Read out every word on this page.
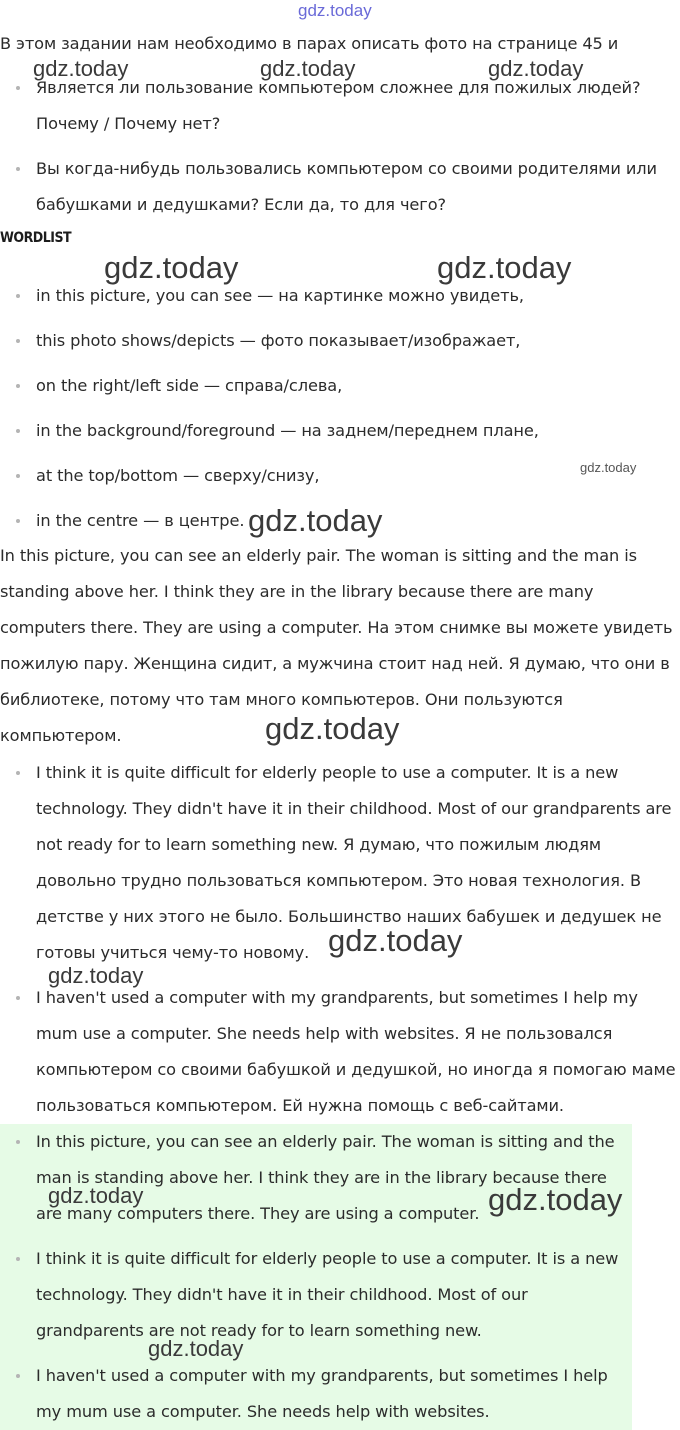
В этом задании нам необходимо в парах описать фото на странице 45 и
Является ли пользование компьютером сложнее для пожилых людей? Почему / Почему нет?
Вы когда-нибудь пользовались компьютером со своими родителями или бабушками и дедушками? Если да, то для чего?
WORDLIST
in this picture, you can see — на картинке можно увидеть,
this photo shows/depicts — фото показывает/изображает,
on the right/left side — справа/слева,
in the background/foreground — на заднем/переднем плане,
at the top/bottom — сверху/снизу,
in the centre — в центре.
In this picture, you can see an elderly pair. The woman is sitting and the man is standing above her. I think they are in the library because there are many computers there. They are using a computer. На этом снимке вы можете увидеть пожилую пару. Женщина сидит, а мужчина стоит над ней. Я думаю, что они в библиотеке, потому что там много компьютеров. Они пользуются компьютером.
I think it is quite difficult for elderly people to use a computer. It is a new technology. They didn't have it in their childhood. Most of our grandparents are not ready for to learn something new. Я думаю, что пожилым людям довольно трудно пользоваться компьютером. Это новая технология. В детстве у них этого не было. Большинство наших бабушек и дедушек не готовы учиться чему-то новому.
I haven't used a computer with my grandparents, but sometimes I help my mum use a computer. She needs help with websites. Я не пользовался компьютером со своими бабушкой и дедушкой, но иногда я помогаю маме пользоваться компьютером. Ей нужна помощь с веб-сайтами.
In this picture, you can see an elderly pair. The woman is sitting and the man is standing above her. I think they are in the library because there are many computers there. They are using a computer.
I think it is quite difficult for elderly people to use a computer. It is a new technology. They didn't have it in their childhood. Most of our grandparents are not ready for to learn something new.
I haven't used a computer with my grandparents, but sometimes I help my mum use a computer. She needs help with websites.
gdz.today
gdz.today	gdz.today	gdz.today
gdz.today	gdz.today
gdz.today
gdz.today
gdz.today
gdz.today
gdz.today
gdz.today	gdz.today
gdz.today
